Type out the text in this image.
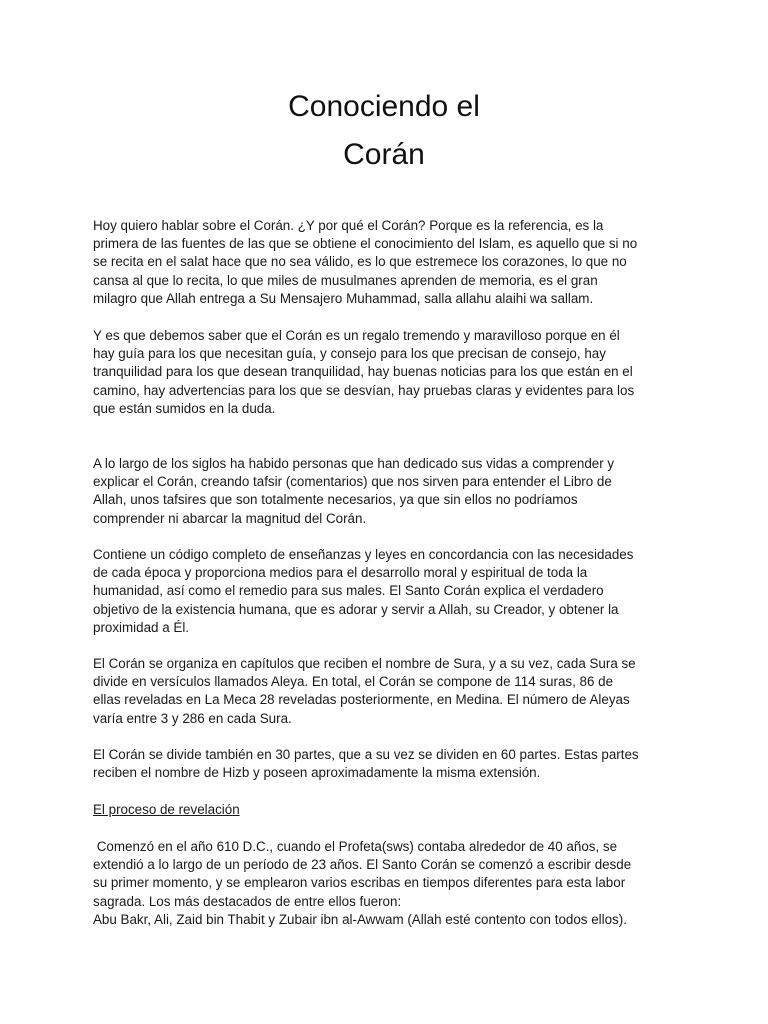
Conociendo el
Corán

Hoy quiero hablar sobre el Corán. ¿Y por qué el Corán? Porque es la referencia, es la
primera de las fuentes de las que se obtiene el conocimiento del Islam, es aquello que si no
se recita en el salat hace que no sea válido, es lo que estremece los corazones, lo que no
cansa al que lo recita, lo que miles de musulmanes aprenden de memoria, es el gran
milagro que Allah entrega a Su Mensajero Muhammad, salla allahu alaihi wa sallam.

Y es que debemos saber que el Corán es un regalo tremendo y maravilloso porque en él
hay guía para los que necesitan guía, y consejo para los que precisan de consejo, hay
tranquilidad para los que desean tranquilidad, hay buenas noticias para los que están en el
camino, hay advertencias para los que se desvían, hay pruebas claras y evidentes para los
que están sumidos en la duda.

A lo largo de los siglos ha habido personas que han dedicado sus vidas a comprender y
explicar el Corán, creando tafsir (comentarios) que nos sirven para entender el Libro de
Allah, unos tafsires que son totalmente necesarios, ya que sin ellos no podríamos
comprender ni abarcar la magnitud del Corán.

Contiene un código completo de enseñanzas y leyes en concordancia con las necesidades
de cada época y proporciona medios para el desarrollo moral y espiritual de toda la
humanidad, así como el remedio para sus males. El Santo Corán explica el verdadero
objetivo de la existencia humana, que es adorar y servir a Allah, su Creador, y obtener la
proximidad a Él.

El Corán se organiza en capítulos que reciben el nombre de Sura, y a su vez, cada Sura se
divide en versículos llamados Aleya. En total, el Corán se compone de 114 suras, 86 de
ellas reveladas en La Meca 28 reveladas posteriormente, en Medina. El número de Aleyas
varía entre 3 y 286 en cada Sura.

El Corán se divide también en 30 partes, que a su vez se dividen en 60 partes. Estas partes
reciben el nombre de Hizb y poseen aproximadamente la misma extensión.

El proceso de revelación

Comenzó en el año 610 D.C., cuando el Profeta(sws) contaba alrededor de 40 años, se
extendió a lo largo de un período de 23 años. El Santo Corán se comenzó a escribir desde
su primer momento, y se emplearon varios escribas en tiempos diferentes para esta labor
sagrada. Los más destacados de entre ellos fueron:
Abu Bakr, Ali, Zaid bin Thabit y Zubair ibn al-Awwam (Allah esté contento con todos ellos).
